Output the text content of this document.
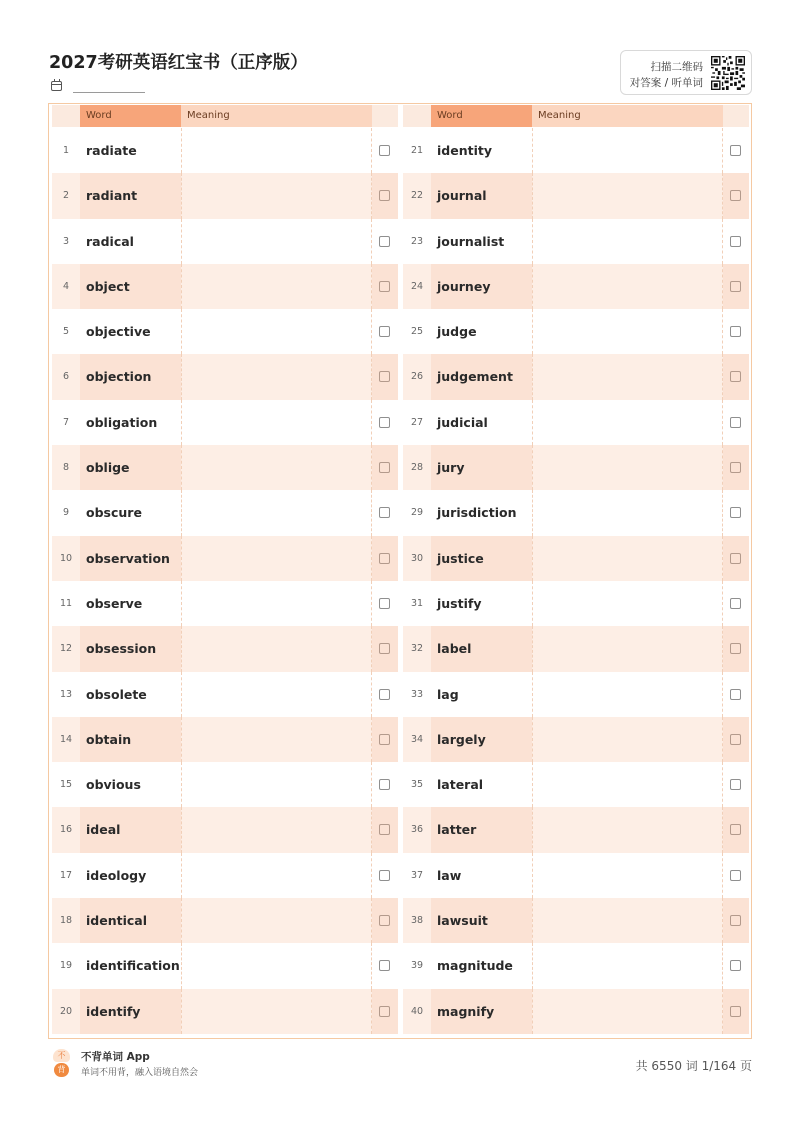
2027考研英语红宝书（正序版）	扫描二维码
对答案 / 听单词
Word	Meaning
1	radiate
2	radiant
3	radical
4	object
5	objective
6	objection
7	obligation
8	oblige
9	obscure
10	observation
11	observe
12	obsession
13	obsolete
14	obtain
15	obvious
16	ideal
17	ideology
18	identical
19	identification
20	identify
Word	Meaning
21	identity
22	journal
23	journalist
24	journey
25	judge
26	judgement
27	judicial
28	jury
29	jurisdiction
30	justice
31	justify
32	label
33	lag
34	largely
35	lateral
36	latter
37	law
38	lawsuit
39	magnitude
40	magnify
不
背
不背单词 App
单词不用背，融入语境自然会	共 6550 词 1/164 页
